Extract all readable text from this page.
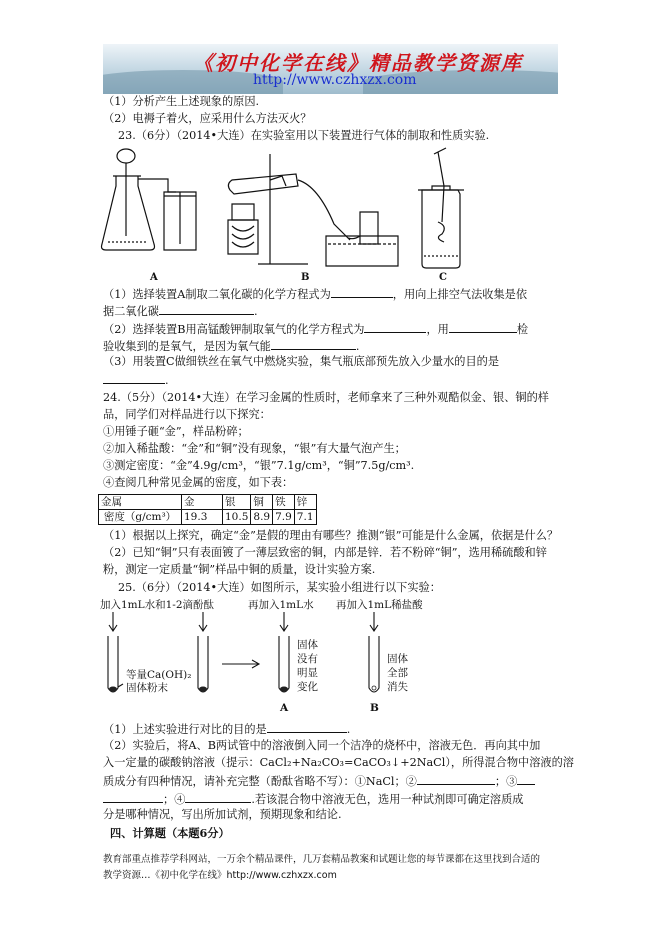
《初中化学在线》精品教学资源库
http://www.czhxzx.com
（1）分析产生上述现象的原因.
（2）电褥子着火，应采用什么方法灭火？
23.（6分）（2014•大连）在实验室用以下装置进行气体的制取和性质实验.
A	B	C
（1）选择装置A制取二氧化碳的化学方程式为	，用向上排空气法收集是依
据二氧化碳	.
（2）选择装置B用高锰酸钾制取氧气的化学方程式为	，用	检
验收集到的是氧气，是因为氧气能	.
（3）用装置C做细铁丝在氧气中燃烧实验，集气瓶底部预先放入少量水的目的是
.
24.（5分）（2014•大连）在学习金属的性质时，老师拿来了三种外观酷似金、银、铜的样
品，同学们对样品进行以下探究：
①用锤子砸“金”，样品粉碎；
②加入稀盐酸：“金”和“铜”没有现象，“银”有大量气泡产生；
③测定密度：“金”4.9g/cm³，“银”7.1g/cm³，“铜”7.5g/cm³.
④查阅几种常见金属的密度，如下表：
金属	金	银	铜	铁	锌
密度（g/cm³）	19.3	10.5	8.9	7.9	7.1
（1）根据以上探究，确定“金”是假的理由有哪些？推测“银”可能是什么金属，依据是什么？
（2）已知“铜”只有表面镀了一薄层致密的铜，内部是锌．若不粉碎“铜”，选用稀硫酸和锌
粉，测定一定质量“铜”样品中铜的质量，设计实验方案.
25.（6分）（2014•大连）如图所示，某实验小组进行以下实验：
加入1mL水和1-2滴酚酞	再加入1mL水 再加入1mL稀盐酸
等量Ca(OH)₂
固体粉末
固体
没有
明显
变化
固体
全部
消失
A	B
（1）上述实验进行对比的目的是	.
（2）实验后，将A、B两试管中的溶液倒入同一个洁净的烧杯中，溶液无色．再向其中加
入一定量的碳酸钠溶液（提示：CaCl₂+Na₂CO₃=CaCO₃↓+2NaCl），所得混合物中溶液的溶
质成分有四种情况，请补充完整（酚酞省略不写）：①NaCl；②	；③
；④	.若该混合物中溶液无色，选用一种试剂即可确定溶质成
分是哪种情况，写出所加试剂，预期现象和结论.
四、计算题（本题6分）
教育部重点推荐学科网站，一万余个精品课件，几万套精品教案和试题让您的每节课都在这里找到合适的
教学资源…《初中化学在线》http://www.czhxzx.com
